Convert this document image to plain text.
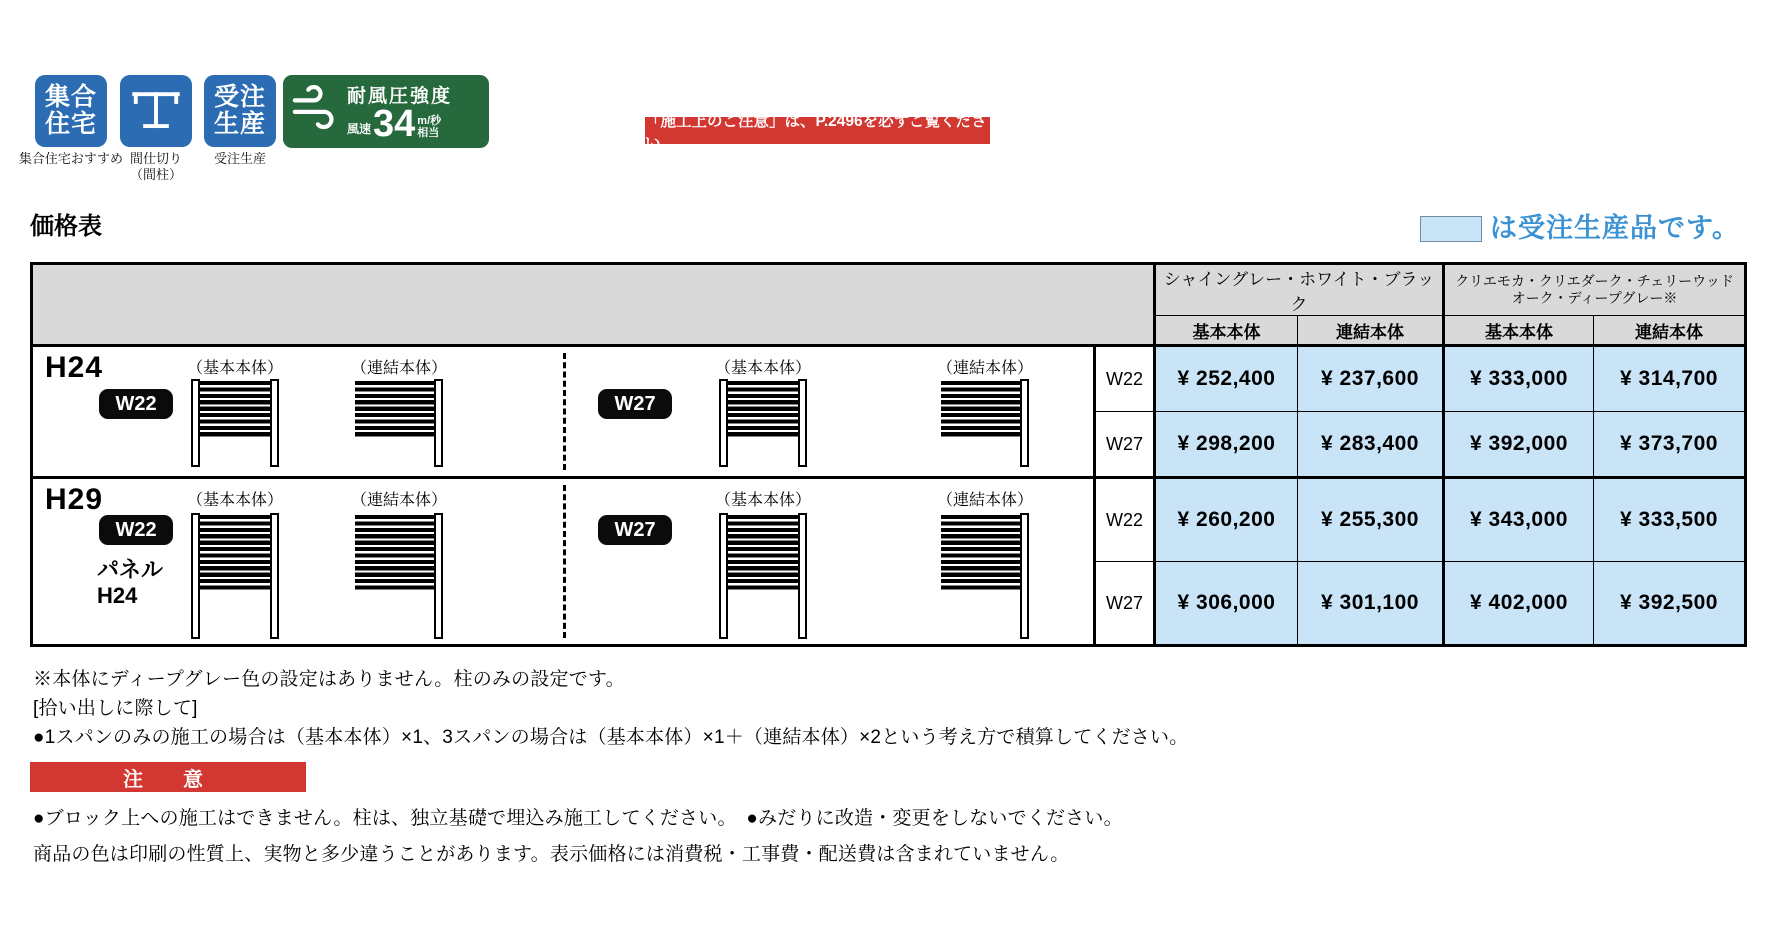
集合
住宅
集合住宅おすすめ 間仕切り
（間柱）
受注
生産
受注生産
耐風圧強度
風速 34 m/秒
相当
「施工上のご注意」は、P.2496を必ずご覧ください。
価格表	は受注生産品です。

		シャイングレー・ホワイト・ブラック		クリエモカ・クリエダーク・チェリーウッド
オーク・ディープグレー※	

		基本本体	連結本体	基本本体	連結本体

H24
W22	W27
（基本本体）	（連結本体）	（基本本体）	（連結本体）	W22	¥ 252,400	¥ 237,600	¥ 333,000	¥ 314,700
	W27	¥ 298,200	¥ 283,400	¥ 392,000	¥ 373,700

H29
W22	W27
パネル
H24
（基本本体）	（連結本体）	（基本本体）	（連結本体）
	W22	¥ 260,200	¥ 255,300	¥ 343,000	¥ 333,500
	W27	¥ 306,000	¥ 301,100	¥ 402,000	¥ 392,500
※本体にディープグレー色の設定はありません。柱のみの設定です。
[拾い出しに際して]
●1スパンのみの施工の場合は（基本本体）×1、3スパンの場合は（基本本体）×1＋（連結本体）×2という考え方で積算してください。
注　意
●ブロック上への施工はできません。柱は、独立基礎で埋込み施工してください。　●みだりに改造・変更をしないでください。
商品の色は印刷の性質上、実物と多少違うことがあります。表示価格には消費税・工事費・配送費は含まれていません。
